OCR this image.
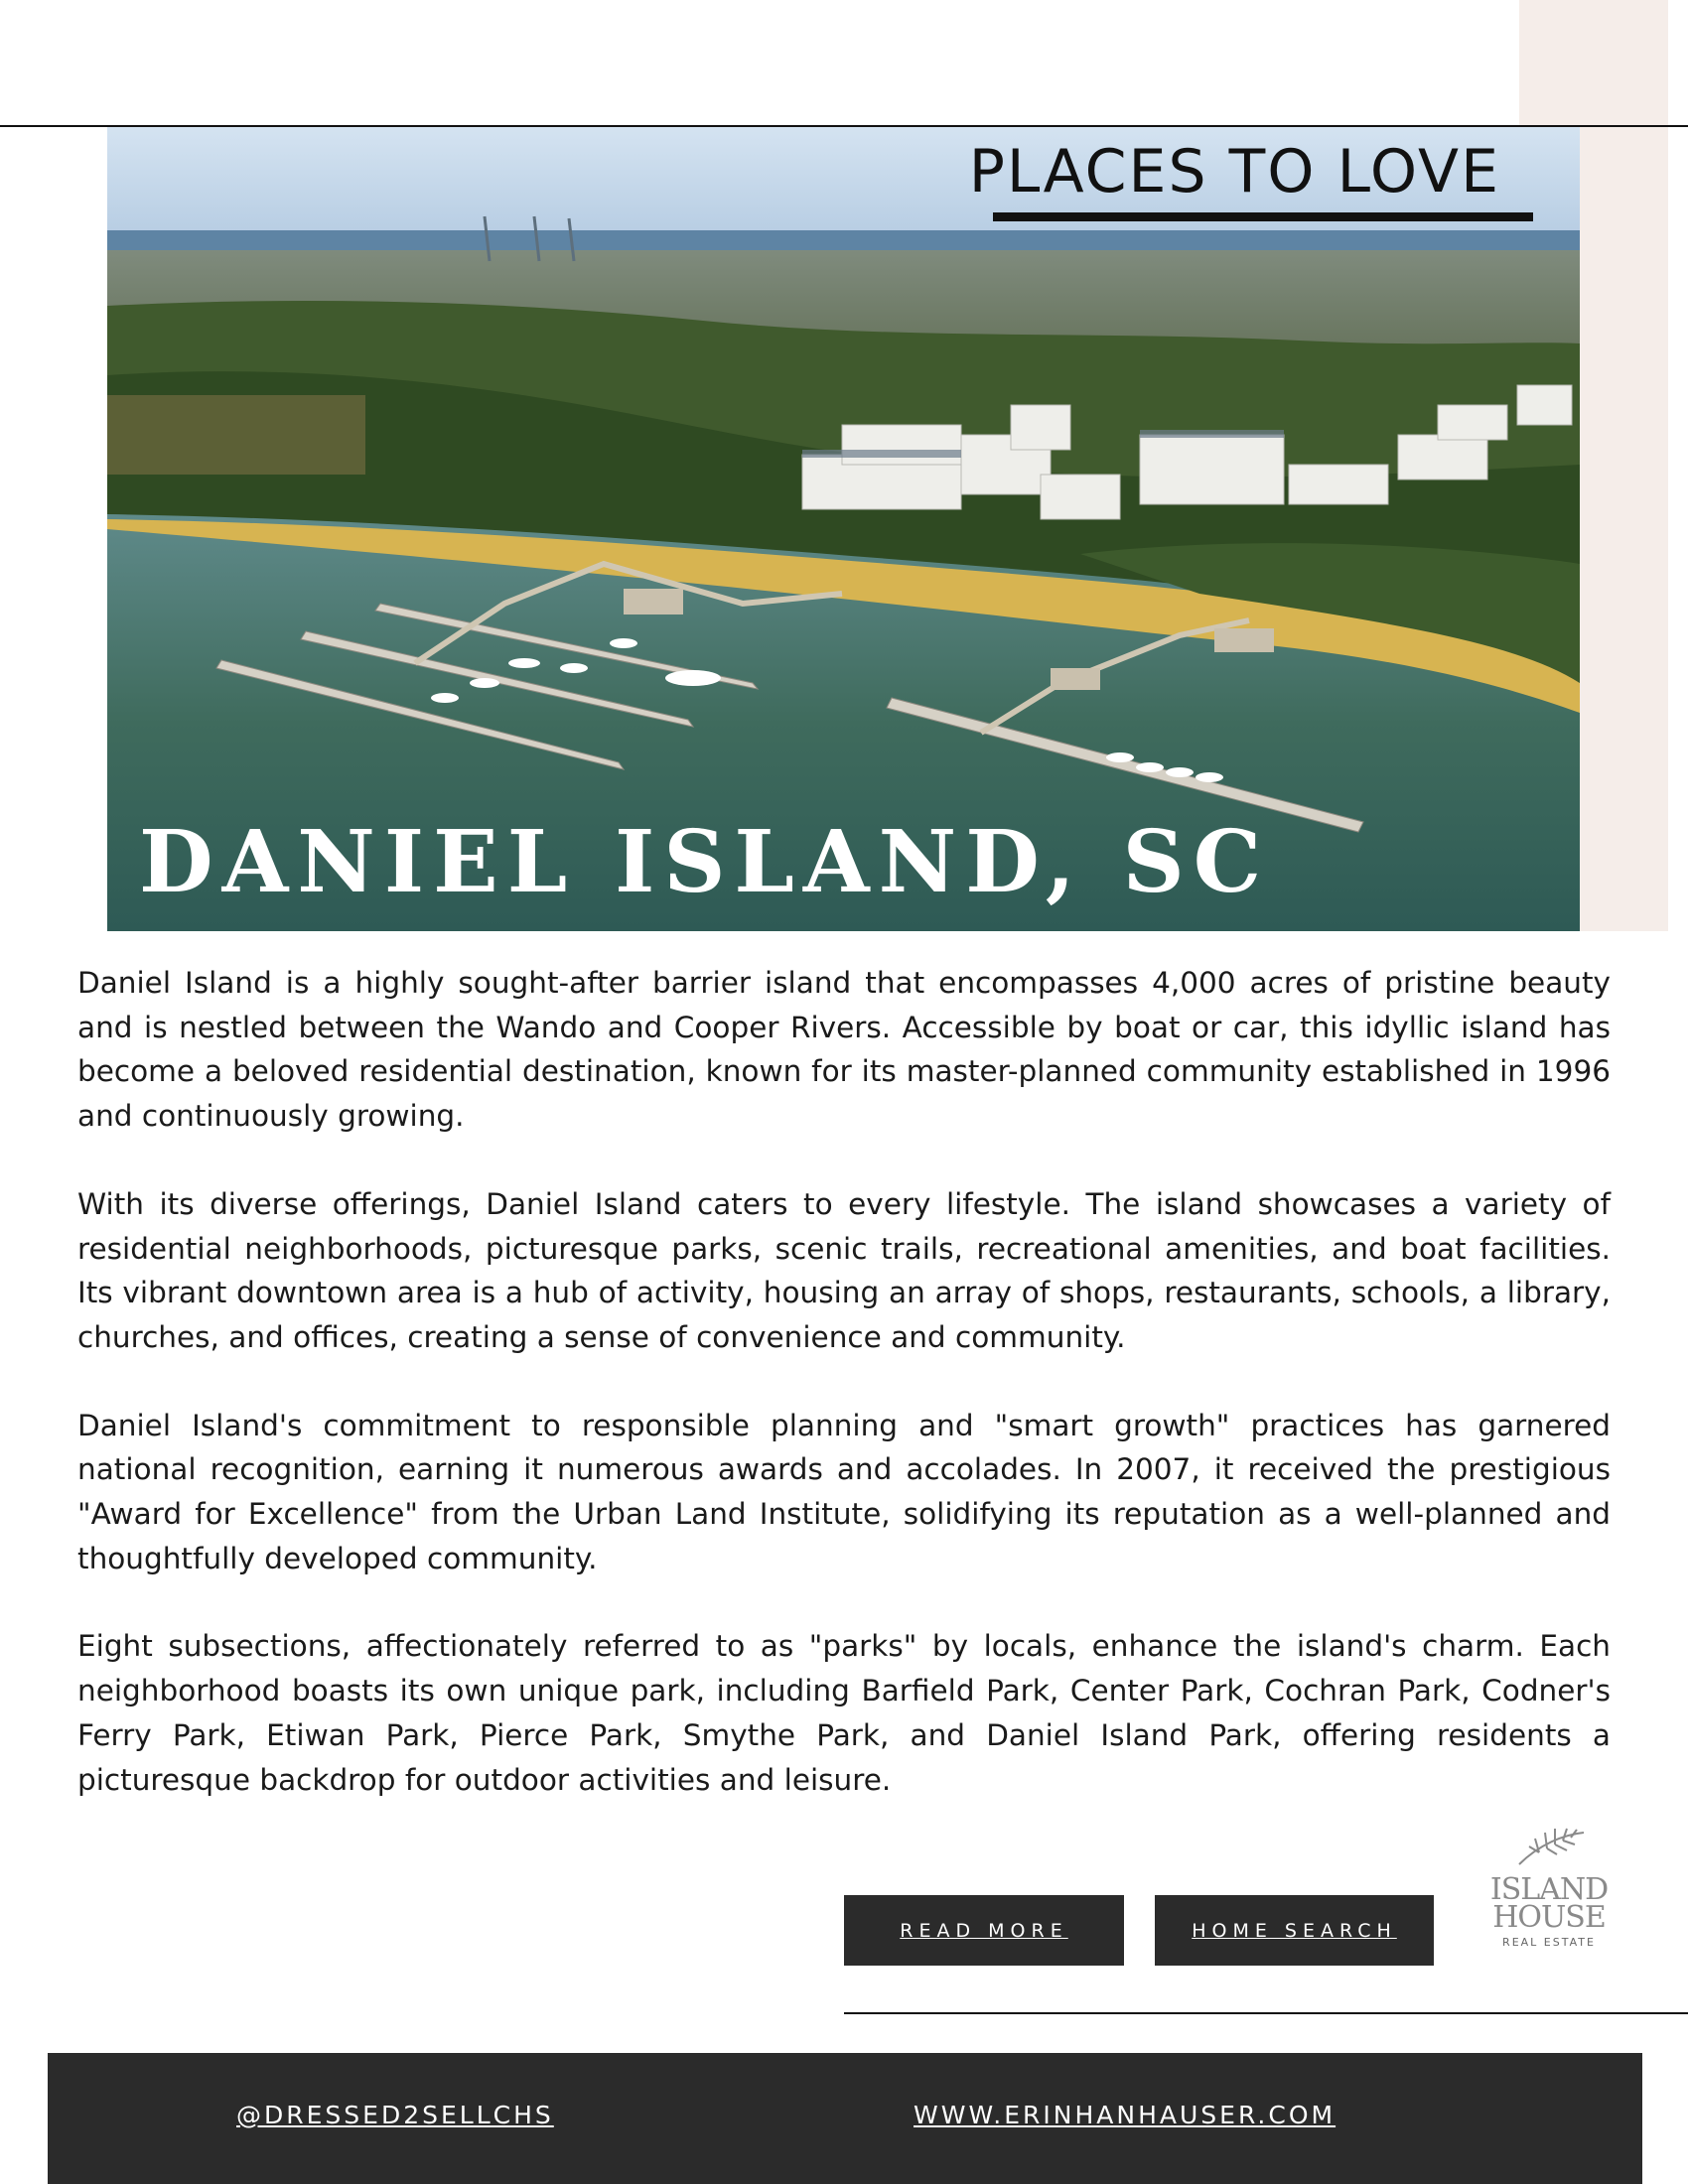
PLACES TO LOVE
DANIEL ISLAND, SC

Daniel Island is a highly sought-after barrier island that encompasses 4,000 acres of pristine beauty and is nestled between the Wando and Cooper Rivers. Accessible by boat or car, this idyllic island has become a beloved residential destination, known for its master-planned community established in 1996 and continuously growing.

With its diverse offerings, Daniel Island caters to every lifestyle. The island showcases a variety of residential neighborhoods, picturesque parks, scenic trails, recreational amenities, and boat facilities. Its vibrant downtown area is a hub of activity, housing an array of shops, restaurants, schools, a library, churches, and offices, creating a sense of convenience and community.

Daniel Island's commitment to responsible planning and "smart growth" practices has garnered national recognition, earning it numerous awards and accolades. In 2007, it received the prestigious "Award for Excellence" from the Urban Land Institute, solidifying its reputation as a well-planned and thoughtfully developed community.

Eight subsections, affectionately referred to as "parks" by locals, enhance the island's charm. Each neighborhood boasts its own unique park, including Barfield Park, Center Park, Cochran Park, Codner's Ferry Park, Etiwan Park, Pierce Park, Smythe Park, and Daniel Island Park, offering residents a picturesque backdrop for outdoor activities and leisure.

READ MORE	HOME SEARCH
ISLAND
HOUSE
REAL ESTATE
@DRESSED2SELLCHS	WWW.ERINHANHAUSER.COM
